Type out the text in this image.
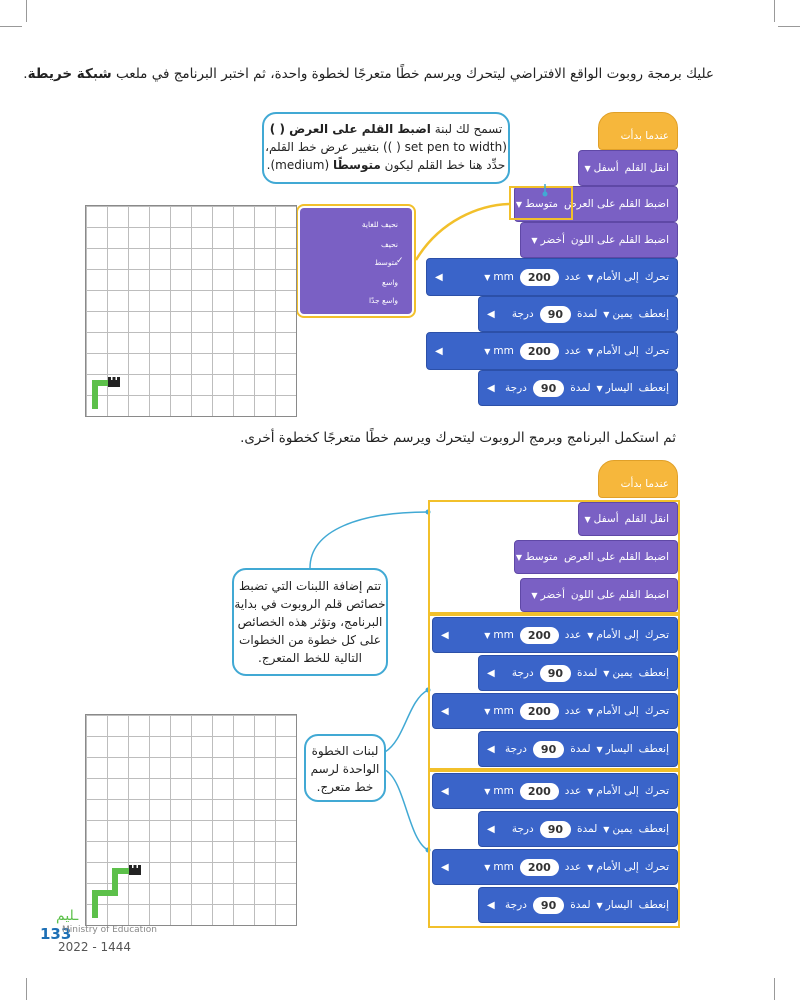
عليك برمجة روبوت الواقع الافتراضي ليتحرك ويرسم خطًا متعرجًا لخطوة واحدة، ثم اختبر البرنامج في ملعب شبكة خريطة.
تسمح لك لبنة اضبط القلم على العرض ( )
(set pen to width ( )) بتغيير عرض خط القلم،
حدِّد هنا خط القلم ليكون متوسطًا (medium).
عندما بدأت
انقل القلم
أسفل
▼
اضبط القلم على العرض
متوسط
▼
اضبط القلم على اللون
أخضر
▼
تحرك
إلى الأمام
▼
عدد
200
mm
▼
◀
إنعطف
يمين
▼
لمدة
90
درجة
◀
تحرك
إلى الأمام
▼
عدد
200
mm
▼
◀
إنعطف
اليسار
▼
لمدة
90
درجة
◀
نحيف للغاية
نحيف
متوسط
✓
واسع
واسع جدًا
ثم استكمل البرنامج وبرمج الروبوت ليتحرك ويرسم خطًا متعرجًا كخطوة أخرى.
عندما بدأت
انقل القلم
أسفل
▼
اضبط القلم على العرض
متوسط
▼
اضبط القلم على اللون
أخضر
▼
تحرك
إلى الأمام
▼
عدد
200
mm
▼
◀
إنعطف
يمين
▼
لمدة
90
درجة
◀
تحرك
إلى الأمام
▼
عدد
200
mm
▼
◀
إنعطف
اليسار
▼
لمدة
90
درجة
◀
تحرك
إلى الأمام
▼
عدد
200
mm
▼
◀
إنعطف
يمين
▼
لمدة
90
درجة
◀
تحرك
إلى الأمام
▼
عدد
200
mm
▼
◀
إنعطف
اليسار
▼
لمدة
90
درجة
◀
تتم إضافة اللبنات التي تضبط
خصائص قلم الروبوت في بداية
البرنامج، وتؤثر هذه الخصائص
على كل خطوة من الخطوات
التالية للخط المتعرج.
لبنات الخطوة
الواحدة لرسم
خط متعرج.
ـليم
133
Ministry of Education
2022 - 1444
